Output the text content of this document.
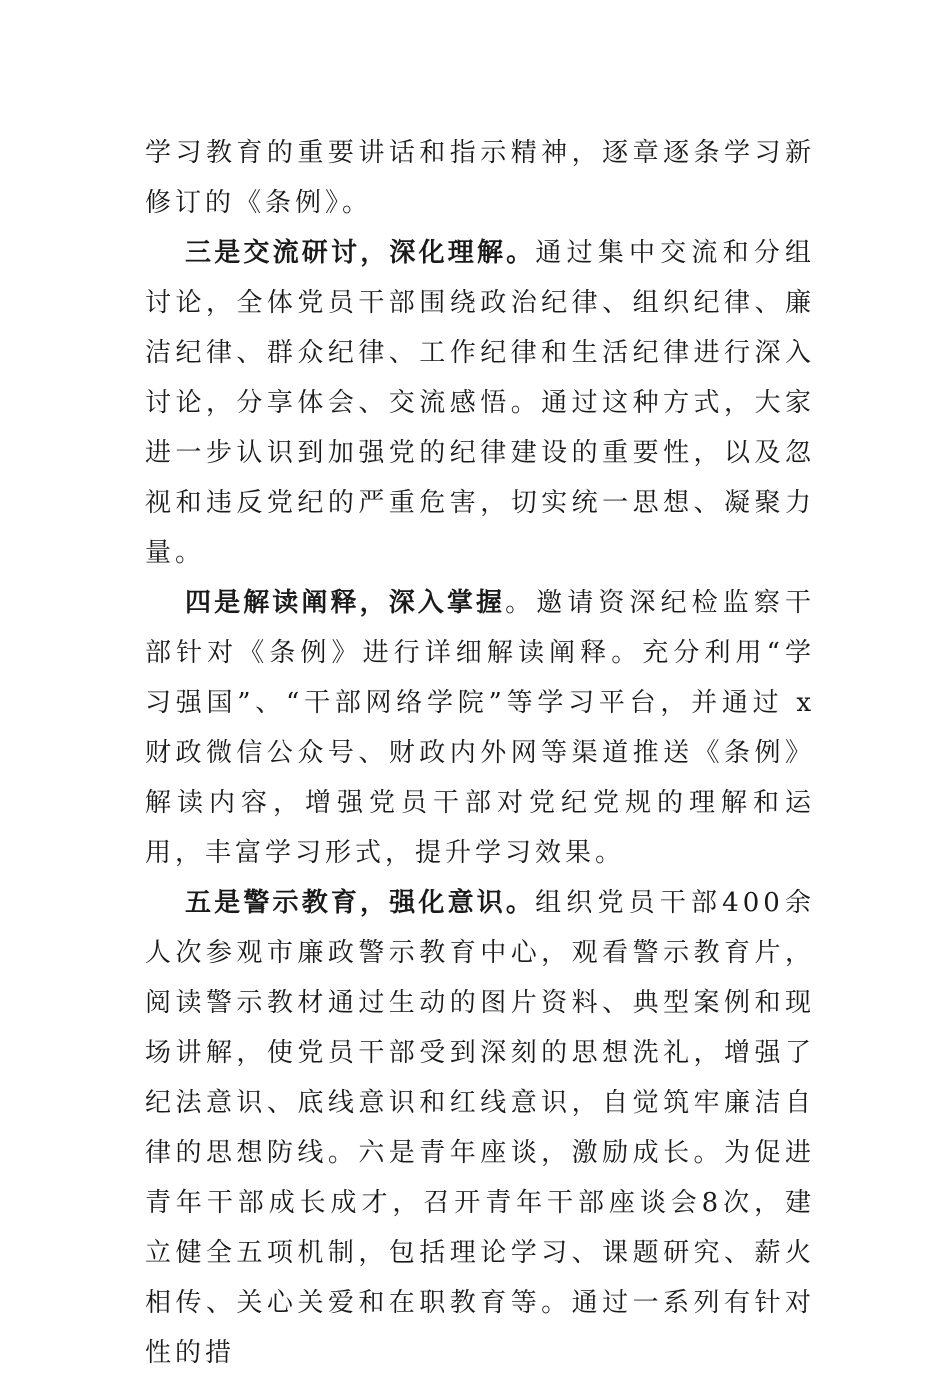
学习教育的重要讲话和指示精神，逐章逐条学习新修订的《条例》。

三是交流研讨，深化理解。通过集中交流和分组讨论，全体党员干部围绕政治纪律、组织纪律、廉洁纪律、群众纪律、工作纪律和生活纪律进行深入讨论，分享体会、交流感悟。通过这种方式，大家进一步认识到加强党的纪律建设的重要性，以及忽视和违反党纪的严重危害，切实统一思想、凝聚力量。

四是解读阐释，深入掌握。邀请资深纪检监察干部针对《条例》进行详细解读阐释。充分利用“学习强国”、“干部网络学院”等学习平台，并通过 x 财政微信公众号、财政内外网等渠道推送《条例》解读内容，增强党员干部对党纪党规的理解和运用，丰富学习形式，提升学习效果。

五是警示教育，强化意识。组织党员干部400余人次参观市廉政警示教育中心，观看警示教育片，阅读警示教材通过生动的图片资料、典型案例和现场讲解，使党员干部受到深刻的思想洗礼，增强了纪法意识、底线意识和红线意识，自觉筑牢廉洁自律的思想防线。六是青年座谈，激励成长。为促进青年干部成长成才，召开青年干部座谈会8次，建立健全五项机制，包括理论学习、课题研究、薪火相传、关心关爱和在职教育等。通过一系列有针对性的措
